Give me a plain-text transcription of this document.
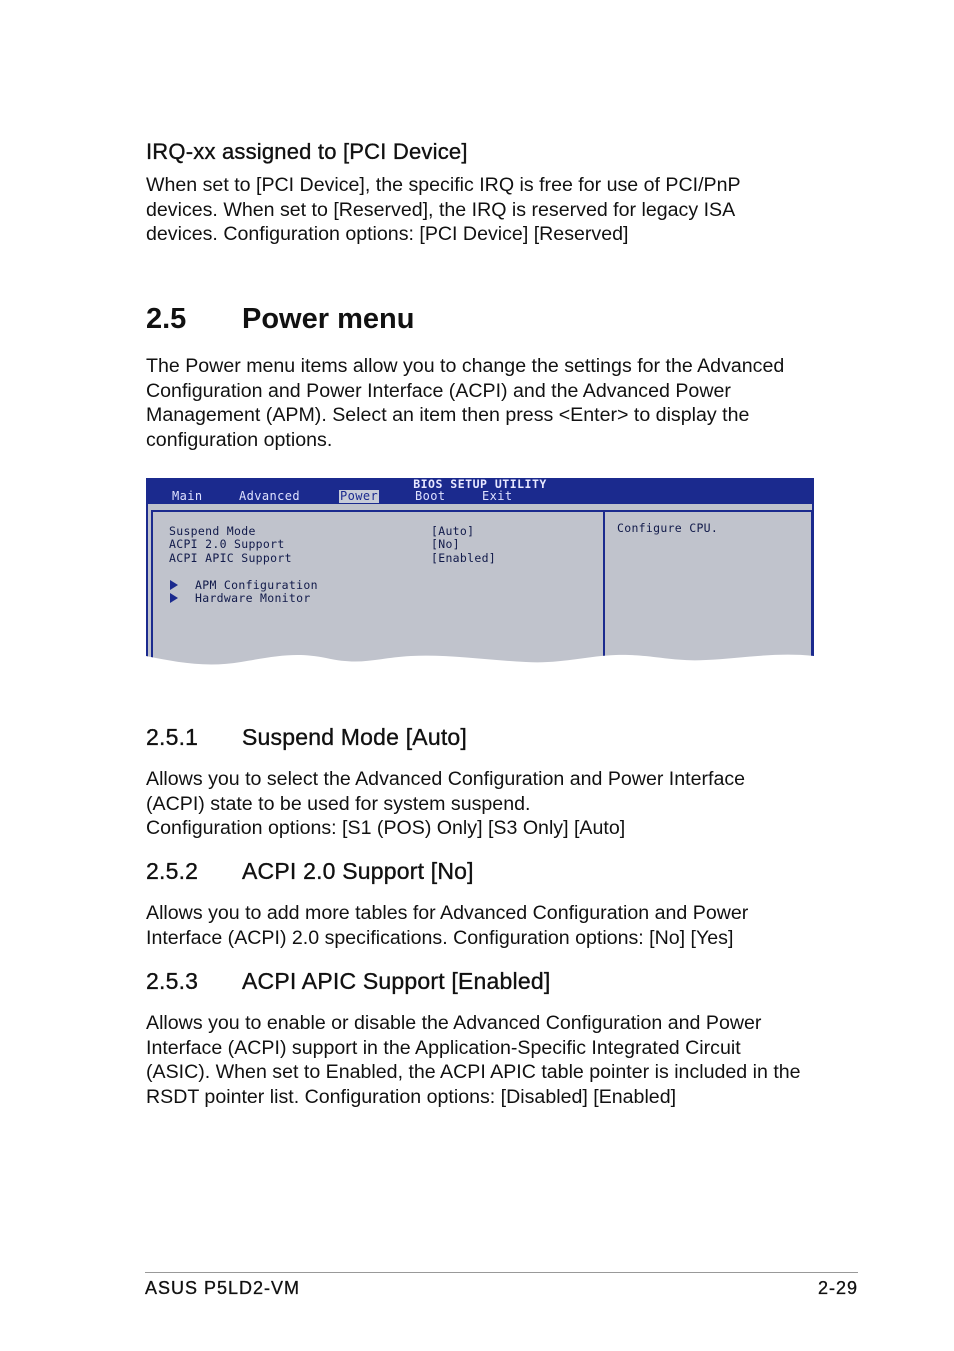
IRQ-xx assigned to [PCI Device]
When set to [PCI Device], the specific IRQ is free for use of PCI/PnP
devices. When set to [Reserved], the IRQ is reserved for legacy ISA
devices. Configuration options: [PCI Device] [Reserved]
2.5 Power menu
The Power menu items allow you to change the settings for the Advanced
Configuration and Power Interface (ACPI) and the Advanced Power
Management (APM). Select an item then press <Enter> to display the
configuration options.
BIOS SETUP UTILITY
Main	Advanced	Power	Boot	Exit
Suspend Mode	[Auto]
ACPI 2.0 Support	[No]
ACPI APIC Support	[Enabled]
APM Configuration
Hardware Monitor
Configure CPU.
2.5.1 Suspend Mode [Auto]
Allows you to select the Advanced Configuration and Power Interface
(ACPI) state to be used for system suspend.
Configuration options: [S1 (POS) Only] [S3 Only] [Auto]
2.5.2 ACPI 2.0 Support [No]
Allows you to add more tables for Advanced Configuration and Power
Interface (ACPI) 2.0 specifications. Configuration options: [No] [Yes]
2.5.3 ACPI APIC Support [Enabled]
Allows you to enable or disable the Advanced Configuration and Power
Interface (ACPI) support in the Application-Specific Integrated Circuit
(ASIC). When set to Enabled, the ACPI APIC table pointer is included in the
RSDT pointer list. Configuration options: [Disabled] [Enabled]
ASUS P5LD2-VM	2-29
